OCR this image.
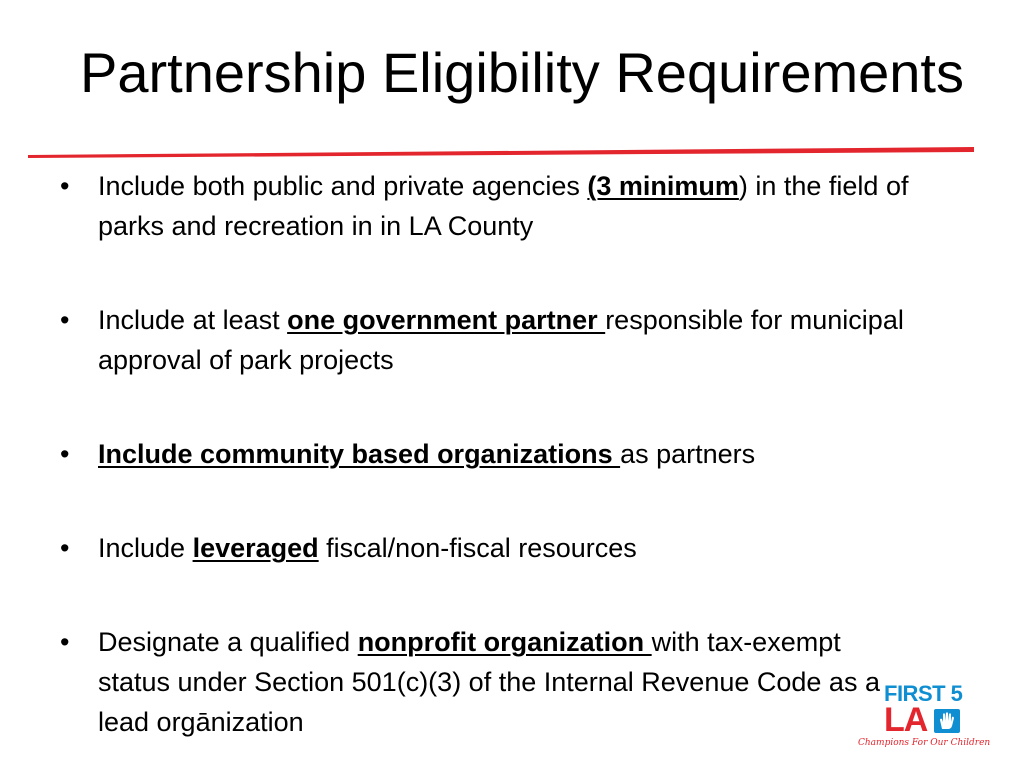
Partnership Eligibility Requirements
• Include both public and private agencies (3 minimum) in the field of parks and recreation in in LA County
• Include at least one government partner responsible for municipal approval of park projects
• Include community based organizations as partners
• Include leveraged fiscal/non-fiscal resources
• Designate a qualified nonprofit organization with tax-exempt status under Section 501(c)(3) of the Internal Revenue Code as a lead orgānization
FIRST 5
LA
Champions For Our Children
